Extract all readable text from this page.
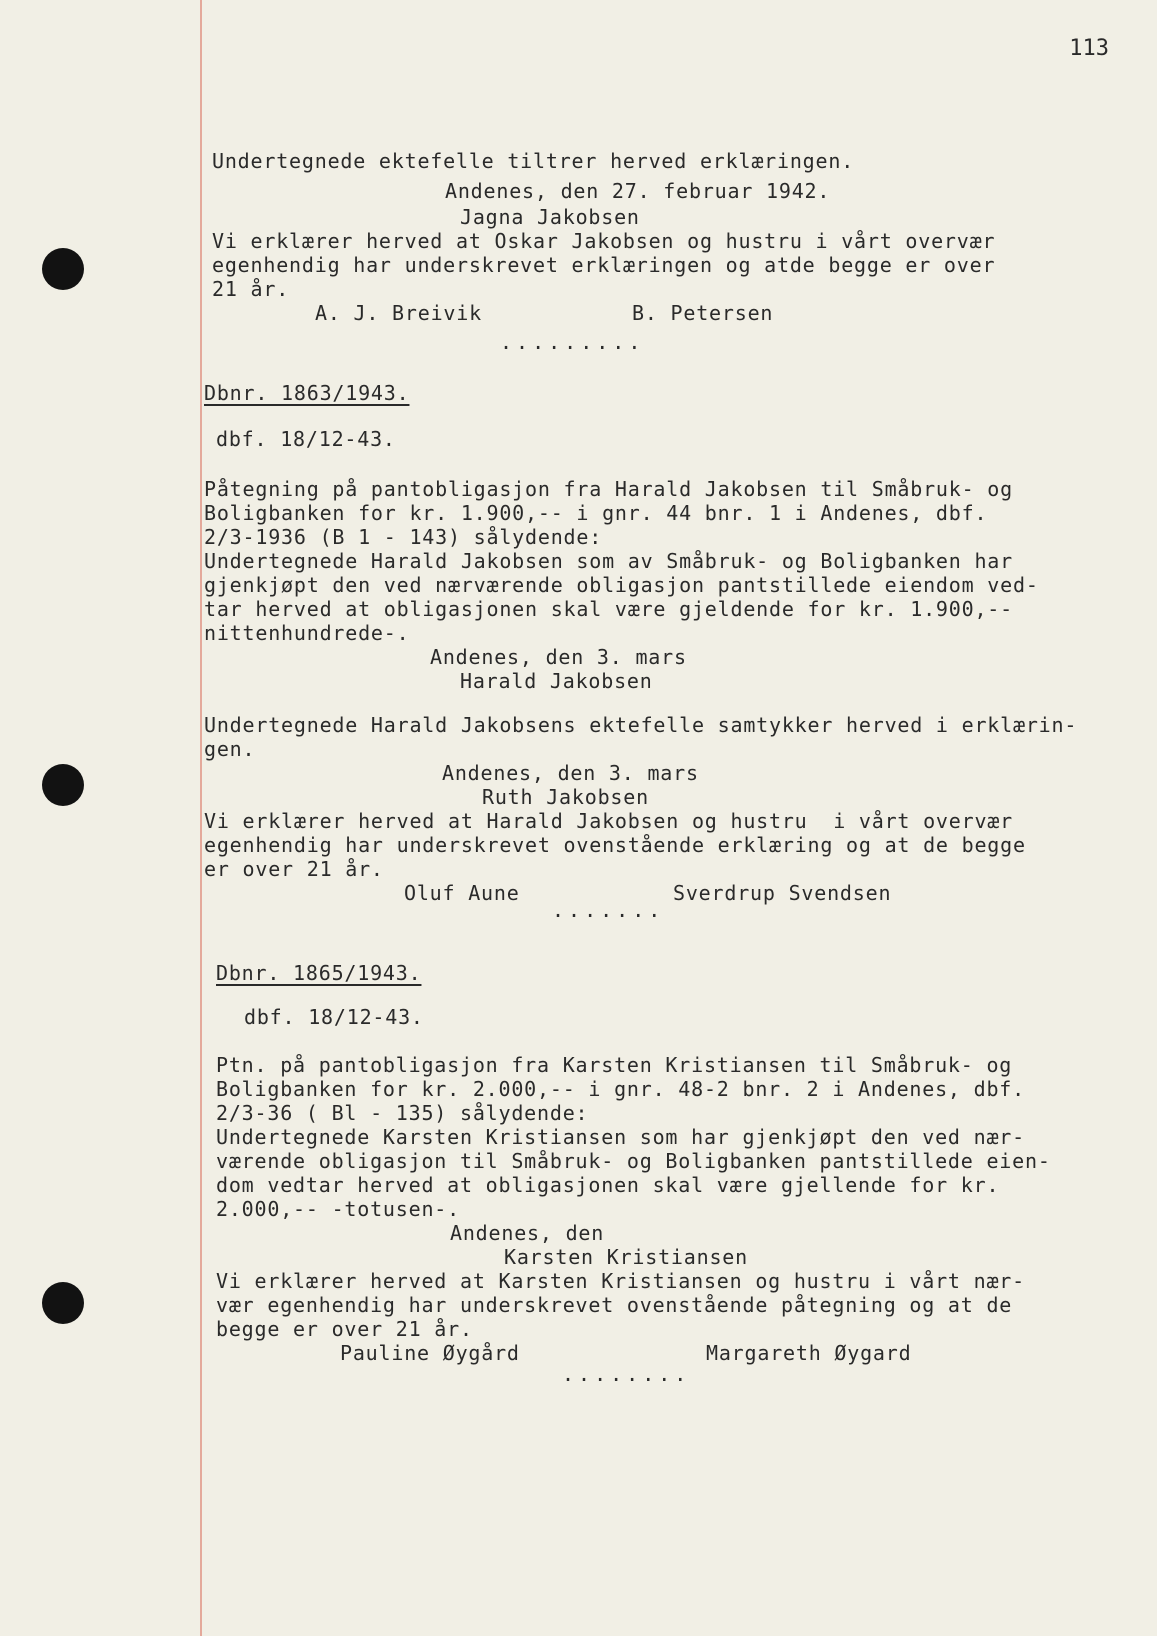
113
Undertegnede ektefelle tiltrer herved erklæringen.
Andenes, den 27. februar 1942.
Jagna Jakobsen
Vi erklærer herved at Oskar Jakobsen og hustru i vårt overvær
egenhendig har underskrevet erklæringen og atde begge er over
21 år.
A. J. Breivik	B. Petersen
.........
Dbnr. 1863/1943.
dbf. 18/12-43.
Påtegning på pantobligasjon fra Harald Jakobsen til Småbruk- og
Boligbanken for kr. 1.900,-- i gnr. 44 bnr. 1 i Andenes, dbf.
2/3-1936 (B 1 - 143) sålydende:
Undertegnede Harald Jakobsen som av Småbruk- og Boligbanken har
gjenkjøpt den ved nærværende obligasjon pantstillede eiendom ved-
tar herved at obligasjonen skal være gjeldende for kr. 1.900,--
nittenhundrede-.
Andenes, den 3. mars
Harald Jakobsen
Undertegnede Harald Jakobsens ektefelle samtykker herved i erklærin-
gen.
Andenes, den 3. mars
Ruth Jakobsen
Vi erklærer herved at Harald Jakobsen og hustru  i vårt overvær
egenhendig har underskrevet ovenstående erklæring og at de begge
er over 21 år.
Oluf Aune	Sverdrup Svendsen
.......
Dbnr. 1865/1943.
dbf. 18/12-43.
Ptn. på pantobligasjon fra Karsten Kristiansen til Småbruk- og
Boligbanken for kr. 2.000,-- i gnr. 48-2 bnr. 2 i Andenes, dbf.
2/3-36 ( Bl - 135) sålydende:
Undertegnede Karsten Kristiansen som har gjenkjøpt den ved nær-
værende obligasjon til Småbruk- og Boligbanken pantstillede eien-
dom vedtar herved at obligasjonen skal være gjellende for kr.
2.000,-- -totusen-.
Andenes, den
Karsten Kristiansen
Vi erklærer herved at Karsten Kristiansen og hustru i vårt nær-
vær egenhendig har underskrevet ovenstående påtegning og at de
begge er over 21 år.
Pauline Øygård	Margareth Øygard
........
